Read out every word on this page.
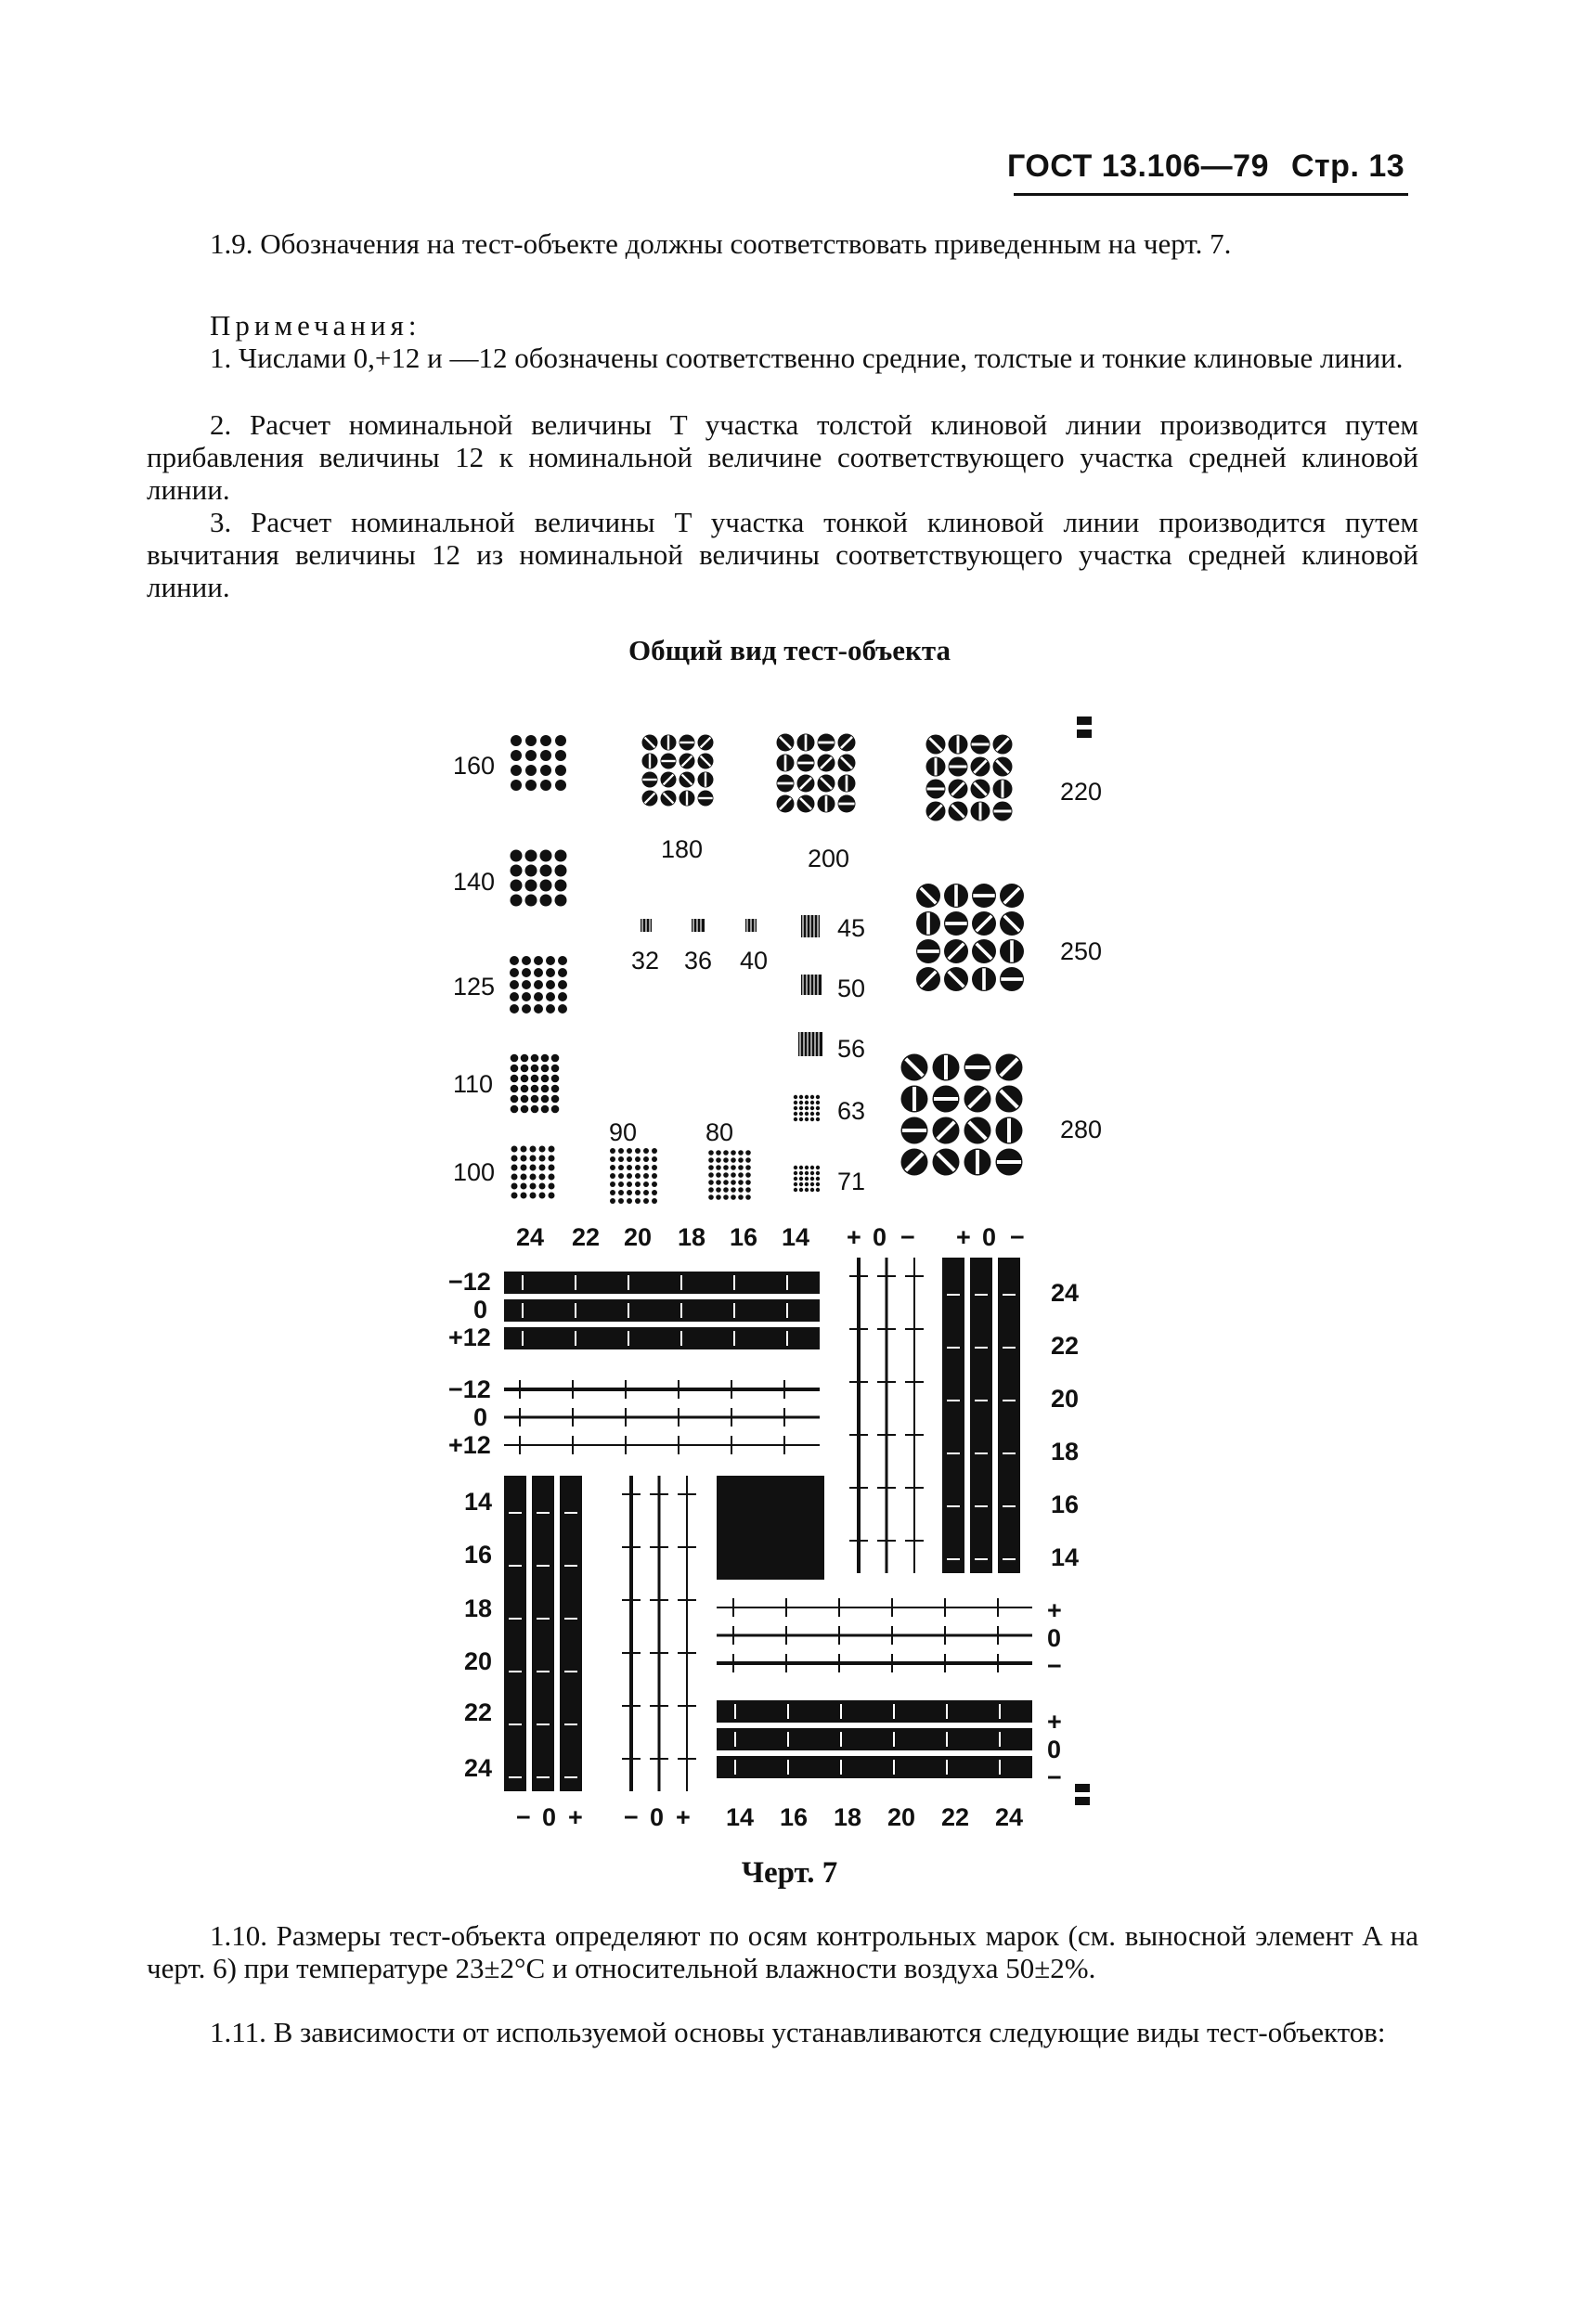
ГОСТ 13.106—79 Стр. 13
1.9. Обозначения на тест-объекте должны соответствовать приведенным на черт. 7.
Примечания:
1. Числами 0,+12 и —12 обозначены соответственно средние, толстые и тонкие клиновые линии.
2. Расчет номинальной величины T участка толстой клиновой линии производится путем прибавления величины 12 к номинальной величине соответствующего участка средней клиновой линии.
3. Расчет номинальной величины T участка тонкой клиновой линии производится путем вычитания величины 12 из номинальной величины соответствующего участка средней клиновой линии.
Общий вид тест-объекта
160
140
125
110
100
180	200
220
250
280
90	80
32 36 40
45
50
56
63
71
24 22 20 18 16 14 + 0 − + 0 −
−12
0
+12
−12
0
+12
14
16
18
20
22
24
24
22
20
18
16
14
+
0
−
+
0
−
− 0 + − 0 + 14 16 18 20 22 24
Черт. 7
1.10. Размеры тест-объекта определяют по осям контрольных марок (см. выносной элемент A на черт. 6) при температуре 23±2°С и относительной влажности воздуха 50±2%.
1.11. В зависимости от используемой основы устанавливаются следующие виды тест-объектов:
